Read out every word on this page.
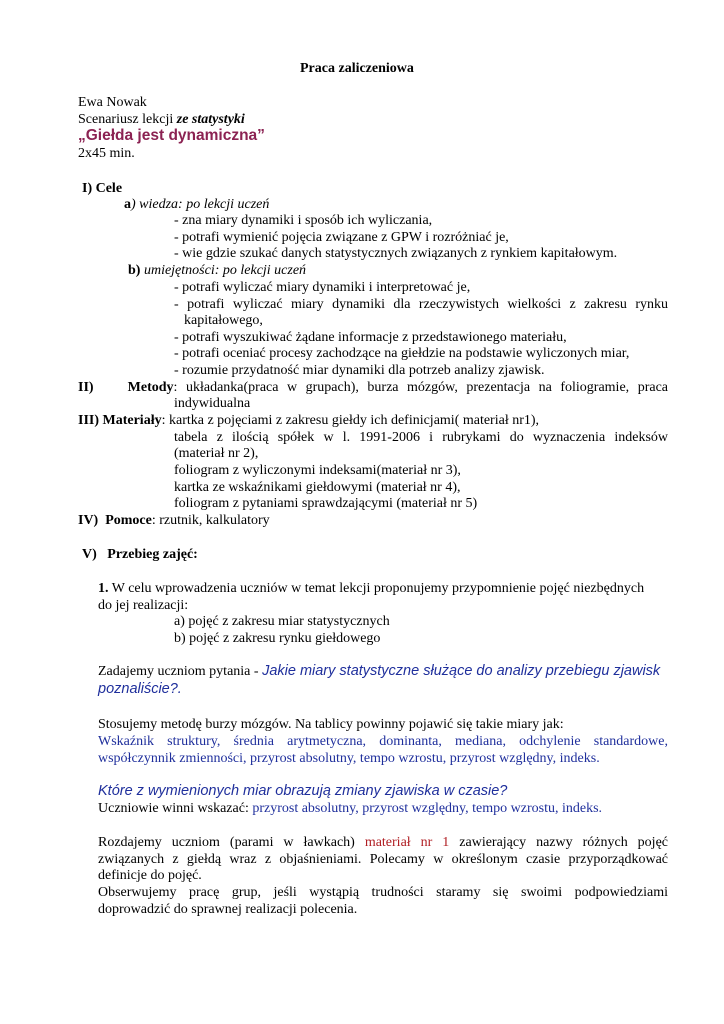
Praca zaliczeniowa
Ewa Nowak
Scenariusz lekcji ze statystyki
„Giełda jest dynamiczna”
2x45 min.
I) Cele
a) wiedza: po lekcji uczeń
- zna miary dynamiki i sposób ich wyliczania,
- potrafi wymienić pojęcia związane z GPW i rozróżniać je,
- wie gdzie szukać danych statystycznych związanych z rynkiem kapitałowym.
b) umiejętności: po lekcji uczeń
- potrafi wyliczać miary dynamiki i interpretować je,
- potrafi wyliczać miary dynamiki dla rzeczywistych wielkości z zakresu rynku
kapitałowego,
- potrafi wyszukiwać żądane informacje z przedstawionego materiału,
- potrafi oceniać procesy zachodzące na giełdzie na podstawie wyliczonych miar,
- rozumie przydatność miar dynamiki dla potrzeb analizy zjawisk.
II)    Metody: układanka(praca w grupach), burza mózgów, prezentacja na foliogramie, praca
indywidualna
III) Materiały: kartka z pojęciami z zakresu giełdy ich definicjami( materiał nr1),
tabela z ilością spółek w l. 1991-2006 i rubrykami do wyznaczenia indeksów
(materiał nr 2),
foliogram z wyliczonymi indeksami(materiał nr 3),
kartka ze wskaźnikami giełdowymi (materiał nr 4),
foliogram z pytaniami sprawdzającymi (materiał nr 5)
IV)  Pomoce: rzutnik, kalkulatory
V)   Przebieg zajęć:
1. W celu wprowadzenia uczniów w temat lekcji proponujemy przypomnienie pojęć niezbędnych
do jej realizacji:
a) pojęć z zakresu miar statystycznych
b) pojęć z zakresu rynku giełdowego
Zadajemy uczniom pytania - Jakie miary statystyczne służące do analizy przebiegu zjawisk
poznaliście?.
Stosujemy metodę burzy mózgów. Na tablicy powinny pojawić się takie miary jak:
Wskaźnik struktury, średnia arytmetyczna, dominanta, mediana, odchylenie standardowe,
współczynnik zmienności, przyrost absolutny, tempo wzrostu, przyrost względny, indeks.
Które z wymienionych miar obrazują zmiany zjawiska w czasie?
Uczniowie winni wskazać: przyrost absolutny, przyrost względny, tempo wzrostu, indeks.
Rozdajemy uczniom (parami w ławkach) materiał nr 1 zawierający nazwy różnych pojęć
związanych z giełdą wraz z objaśnieniami. Polecamy w określonym czasie przyporządkować
definicje do pojęć.
Obserwujemy pracę grup, jeśli wystąpią trudności staramy się swoimi podpowiedziami
doprowadzić do sprawnej realizacji polecenia.
